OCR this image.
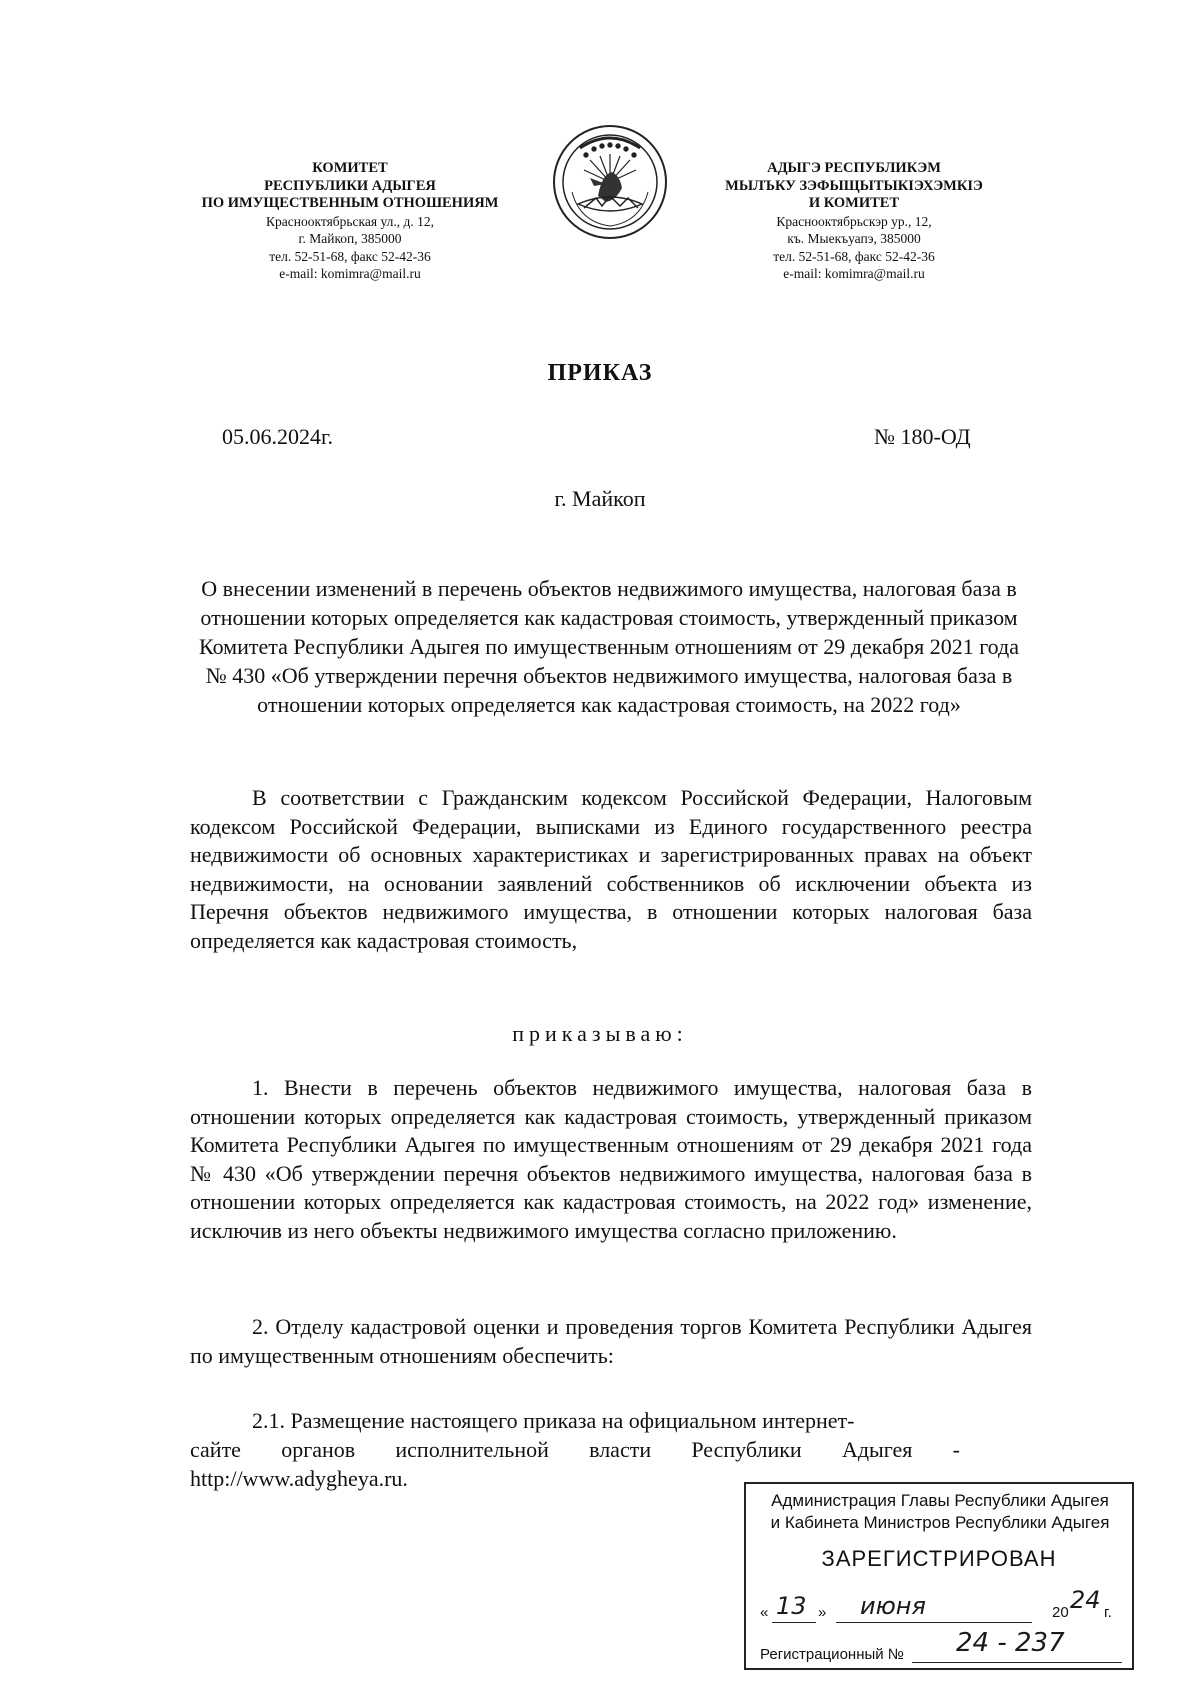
КОМИТЕТ
РЕСПУБЛИКИ АДЫГЕЯ
ПО ИМУЩЕСТВЕННЫМ ОТНОШЕНИЯМ
Краснооктябрьская ул., д. 12,
г. Майкоп, 385000
тел. 52-51-68, факс 52-42-36
e-mail: komimra@mail.ru
АДЫГЭ РЕСПУБЛИКЭМ
МЫЛЪКУ ЗЭФЫЩЫТЫКІЭХЭМКІЭ
И КОМИТЕТ
Краснооктябрьскэр ур., 12,
къ. Мыекъуапэ, 385000
тел. 52-51-68, факс 52-42-36
e-mail: komimra@mail.ru
ПРИКАЗ
05.06.2024г.	№ 180-ОД
г. Майкоп
О внесении изменений в перечень объектов недвижимого имущества, налоговая база в отношении которых определяется как кадастровая стоимость, утвержденный приказом Комитета Республики Адыгея по имущественным отношениям от 29 декабря 2021 года № 430 «Об утверждении перечня объектов недвижимого имущества, налоговая база в отношении которых определяется как кадастровая стоимость, на 2022 год»
В соответствии с Гражданским кодексом Российской Федерации, Налоговым кодексом Российской Федерации, выписками из Единого государственного реестра недвижимости об основных характеристиках и зарегистрированных правах на объект недвижимости, на основании заявлений собственников об исключении объекта из Перечня объектов недвижимого имущества, в отношении которых налоговая база определяется как кадастровая стоимость,
приказываю:
1. Внести в перечень объектов недвижимого имущества, налоговая база в отношении которых определяется как кадастровая стоимость, утвержденный приказом Комитета Республики Адыгея по имущественным отношениям от 29 декабря 2021 года № 430 «Об утверждении перечня объектов недвижимого имущества, налоговая база в отношении которых определяется как кадастровая стоимость, на 2022 год» изменение, исключив из него объекты недвижимого имущества согласно приложению.
2. Отделу кадастровой оценки и проведения торгов Комитета Республики Адыгея по имущественным отношениям обеспечить:
2.1. Размещение настоящего приказа на официальном интернет-
сайте органов исполнительной власти Республики Адыгея -
http://www.adygheya.ru.
Администрация Главы Республики Адыгея
и Кабинета Министров Республики Адыгея
ЗАРЕГИСТРИРОВАН
« 13 » июня	20 24 г.
Регистрационный № 24 - 237
